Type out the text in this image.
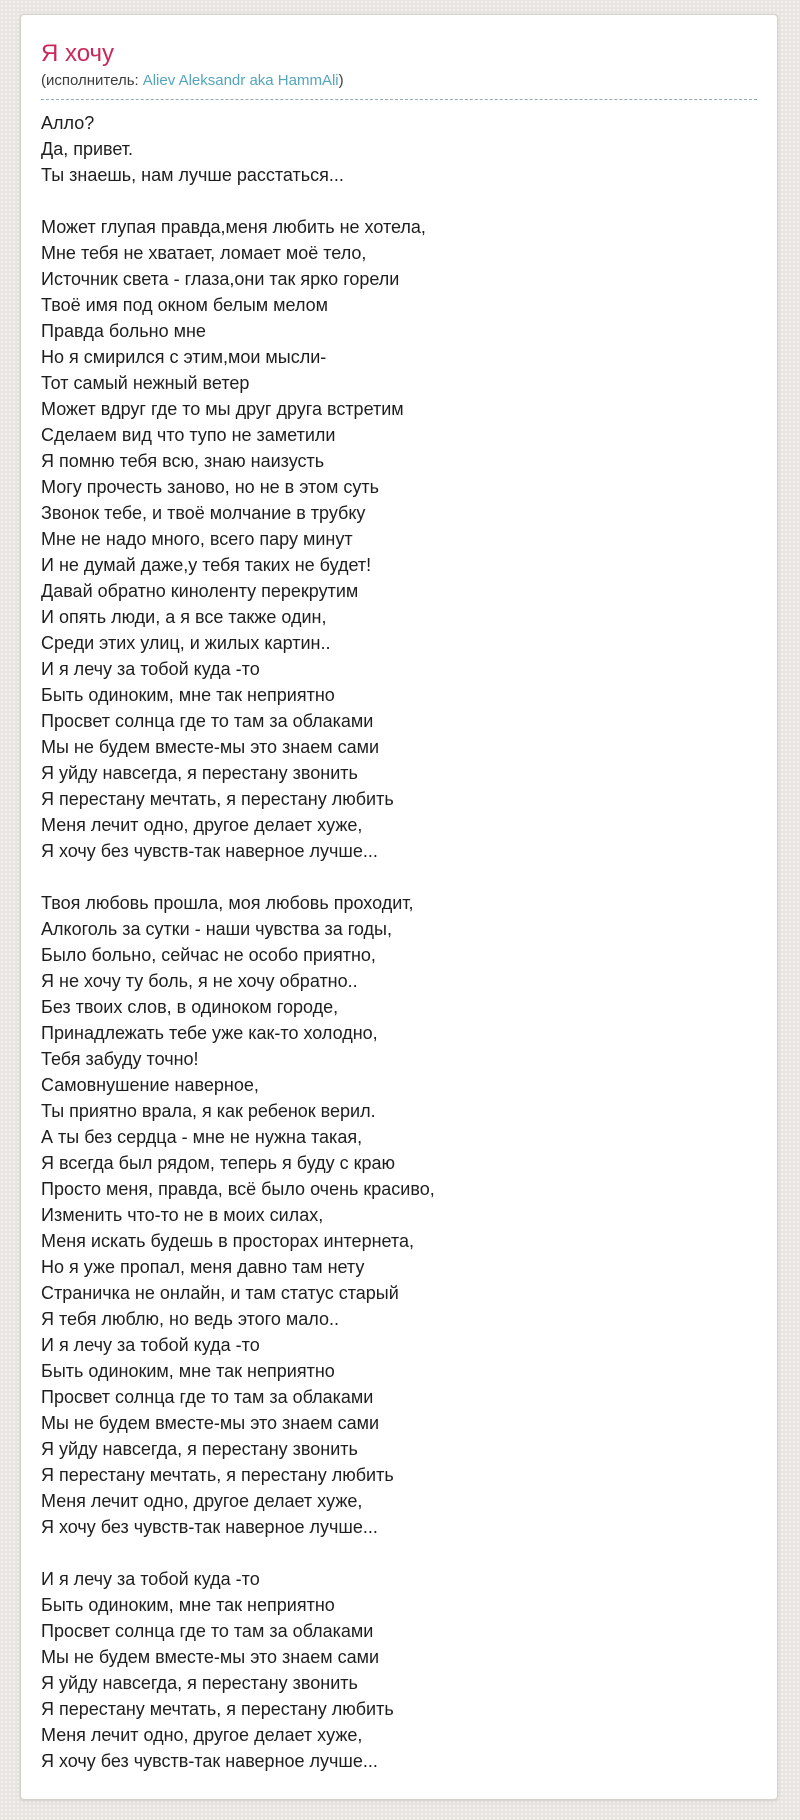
Я хочу
(исполнитель: Aliev Aleksandr aka HammAli)
Алло?
Да, привет.
Ты знаешь, нам лучше расстаться...

Может глупая правда,меня любить не хотела,
Мне тебя не хватает, ломает моё тело,
Источник света - глаза,они так ярко горели
Твоё имя под окном белым мелом
Правда больно мне
Но я смирился с этим,мои мысли-
Тот самый нежный ветер
Может вдруг где то мы друг друга встретим
Сделаем вид что тупо не заметили
Я помню тебя всю, знаю наизусть
Могу прочесть заново, но не в этом суть
Звонок тебе, и твоё молчание в трубку
Мне не надо много, всего пару минут
И не думай даже,у тебя таких не будет!
Давай обратно киноленту перекрутим
И опять люди, а я все также один,
Среди этих улиц, и жилых картин..
И я лечу за тобой куда -то
Быть одиноким, мне так неприятно
Просвет солнца где то там за облаками
Мы не будем вместе-мы это знаем сами
Я уйду навсегда, я перестану звонить
Я перестану мечтать, я перестану любить
Меня лечит одно, другое делает хуже,
Я хочу без чувств-так наверное лучше...

Твоя любовь прошла, моя любовь проходит,
Алкоголь за сутки - наши чувства за годы,
Было больно, сейчас не особо приятно,
Я не хочу ту боль, я не хочу обратно..
Без твоих слов, в одиноком городе,
Принадлежать тебе уже как-то холодно,
Тебя забуду точно!
Самовнушение наверное,
Ты приятно врала, я как ребенок верил.
А ты без сердца - мне не нужна такая,
Я всегда был рядом, теперь я буду с краю
Просто меня, правда, всё было очень красиво,
Изменить что-то не в моих силах,
Меня искать будешь в просторах интернета,
Но я уже пропал, меня давно там нету
Страничка не онлайн, и там статус старый
Я тебя люблю, но ведь этого мало..
И я лечу за тобой куда -то
Быть одиноким, мне так неприятно
Просвет солнца где то там за облаками
Мы не будем вместе-мы это знаем сами
Я уйду навсегда, я перестану звонить
Я перестану мечтать, я перестану любить
Меня лечит одно, другое делает хуже,
Я хочу без чувств-так наверное лучше...

И я лечу за тобой куда -то
Быть одиноким, мне так неприятно
Просвет солнца где то там за облаками
Мы не будем вместе-мы это знаем сами
Я уйду навсегда, я перестану звонить
Я перестану мечтать, я перестану любить
Меня лечит одно, другое делает хуже,
Я хочу без чувств-так наверное лучше...
